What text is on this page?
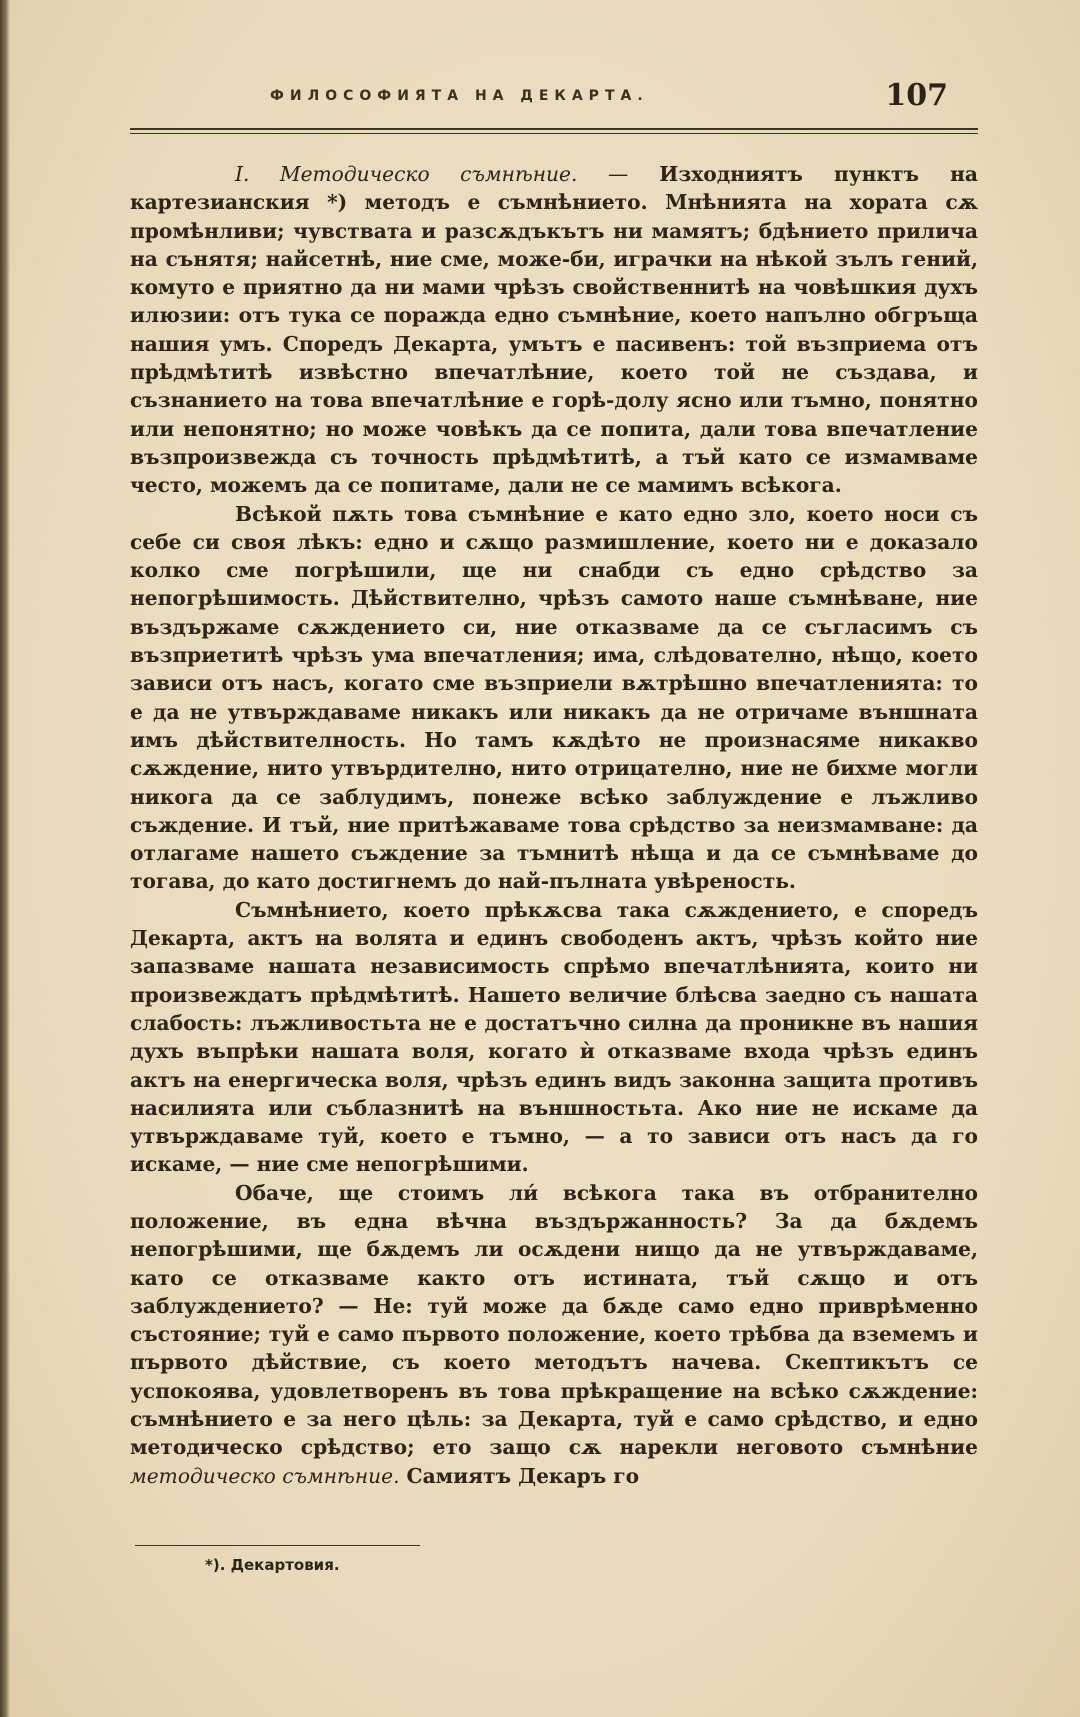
ФИЛОСОФИЯТА НА ДЕКАРТА.	107

I. Методическо съмнѣние. — Изходниятъ пунктъ на картезианския *) методъ е съмнѣнието. Мнѣнията на хората сѫ промѣнливи; чувствата и разсѫдъкътъ ни мамятъ; бдѣнието прилича на сънятя; найсетнѣ, ние сме, може-би, играчки на нѣкой зълъ гений, комуто е приятно да ни мами чрѣзъ свойственнитѣ на човѣшкия духъ илюзии: отъ тука се поражда едно съмнѣние, което напълно обгръща нашия умъ. Споредъ Декарта, умътъ е пасивенъ: той възприема отъ прѣдмѣтитѣ извѣстно впечатлѣние, което той не създава, и съзнанието на това впечатлѣние е горѣ-долу ясно или тъмно, понятно или непонятно; но може човѣкъ да се попита, дали това впечатление възпроизвежда съ точность прѣдмѣтитѣ, а тъй като се измамваме често, можемъ да се попитаме, дали не се мамимъ всѣкога.

Всѣкой пѫть това съмнѣние е като едно зло, което носи съ себе си своя лѣкъ: едно и сѫщо размишление, което ни е доказало колко сме погрѣшили, ще ни снабди съ едно срѣдство за непогрѣшимость. Дѣйствително, чрѣзъ самото наше съмнѣване, ние въздържаме сѫждението си, ние отказваме да се съгласимъ съ възприетитѣ чрѣзъ ума впечатления; има, слѣдователно, нѣщо, което зависи отъ насъ, когато сме възприели вѫтрѣшно впечатленията: то е да не утвърждаваме никакъ или никакъ да не отричаме външната имъ дѣйствителность. Но тамъ кѫдѣто не произнасяме никакво сѫждение, нито утвърдително, нито отрицателно, ние не бихме могли никога да се заблудимъ, понеже всѣко заблуждение е лъжливо съждение. И тъй, ние притѣжаваме това срѣдство за неизмамване: да отлагаме нашето съждение за тъмнитѣ нѣща и да се съмнѣваме до тогава, до като достигнемъ до най-пълната увѣреность.

Съмнѣнието, което прѣкѫсва така сѫждението, е споредъ Декарта, актъ на волята и единъ свободенъ актъ, чрѣзъ който ние запазваме нашата независимость спрѣмо впечатлѣнията, които ни произвеждатъ прѣдмѣтитѣ. Нашето величие блѣсва заедно съ нашата слабость: лъжливостьта не е достатъчно силна да проникне въ нашия духъ въпрѣки нашата воля, когато ѝ отказваме входа чрѣзъ единъ актъ на енергическа воля, чрѣзъ единъ видъ законна защита противъ насилията или съблазнитѣ на външностьта. Ако ние не искаме да утвърждаваме туй, което е тъмно, — а то зависи отъ насъ да го искаме, — ние сме непогрѣшими.

Обаче, ще стоимъ ли́ всѣкога така въ отбранително положение, въ една вѣчна въздържанность? За да бѫдемъ непогрѣшими, ще бѫдемъ ли осѫдени нищо да не утвърждаваме, като се отказваме както отъ истината, тъй сѫщо и отъ заблуждението? — Не: туй може да бѫде само едно приврѣменно състояние; туй е само първото положение, което трѣбва да вземемъ и първото дѣйствие, съ което методътъ начева. Скептикътъ се успокоява, удовлетворенъ въ това прѣкращение на всѣко сѫждение: съмнѣнието е за него цѣль: за Декарта, туй е само срѣдство, и едно методическо срѣдство; ето защо сѫ нарекли неговото съмнѣние методическо съмнѣние. Самиятъ Декаръ го

*). Декартовия.
